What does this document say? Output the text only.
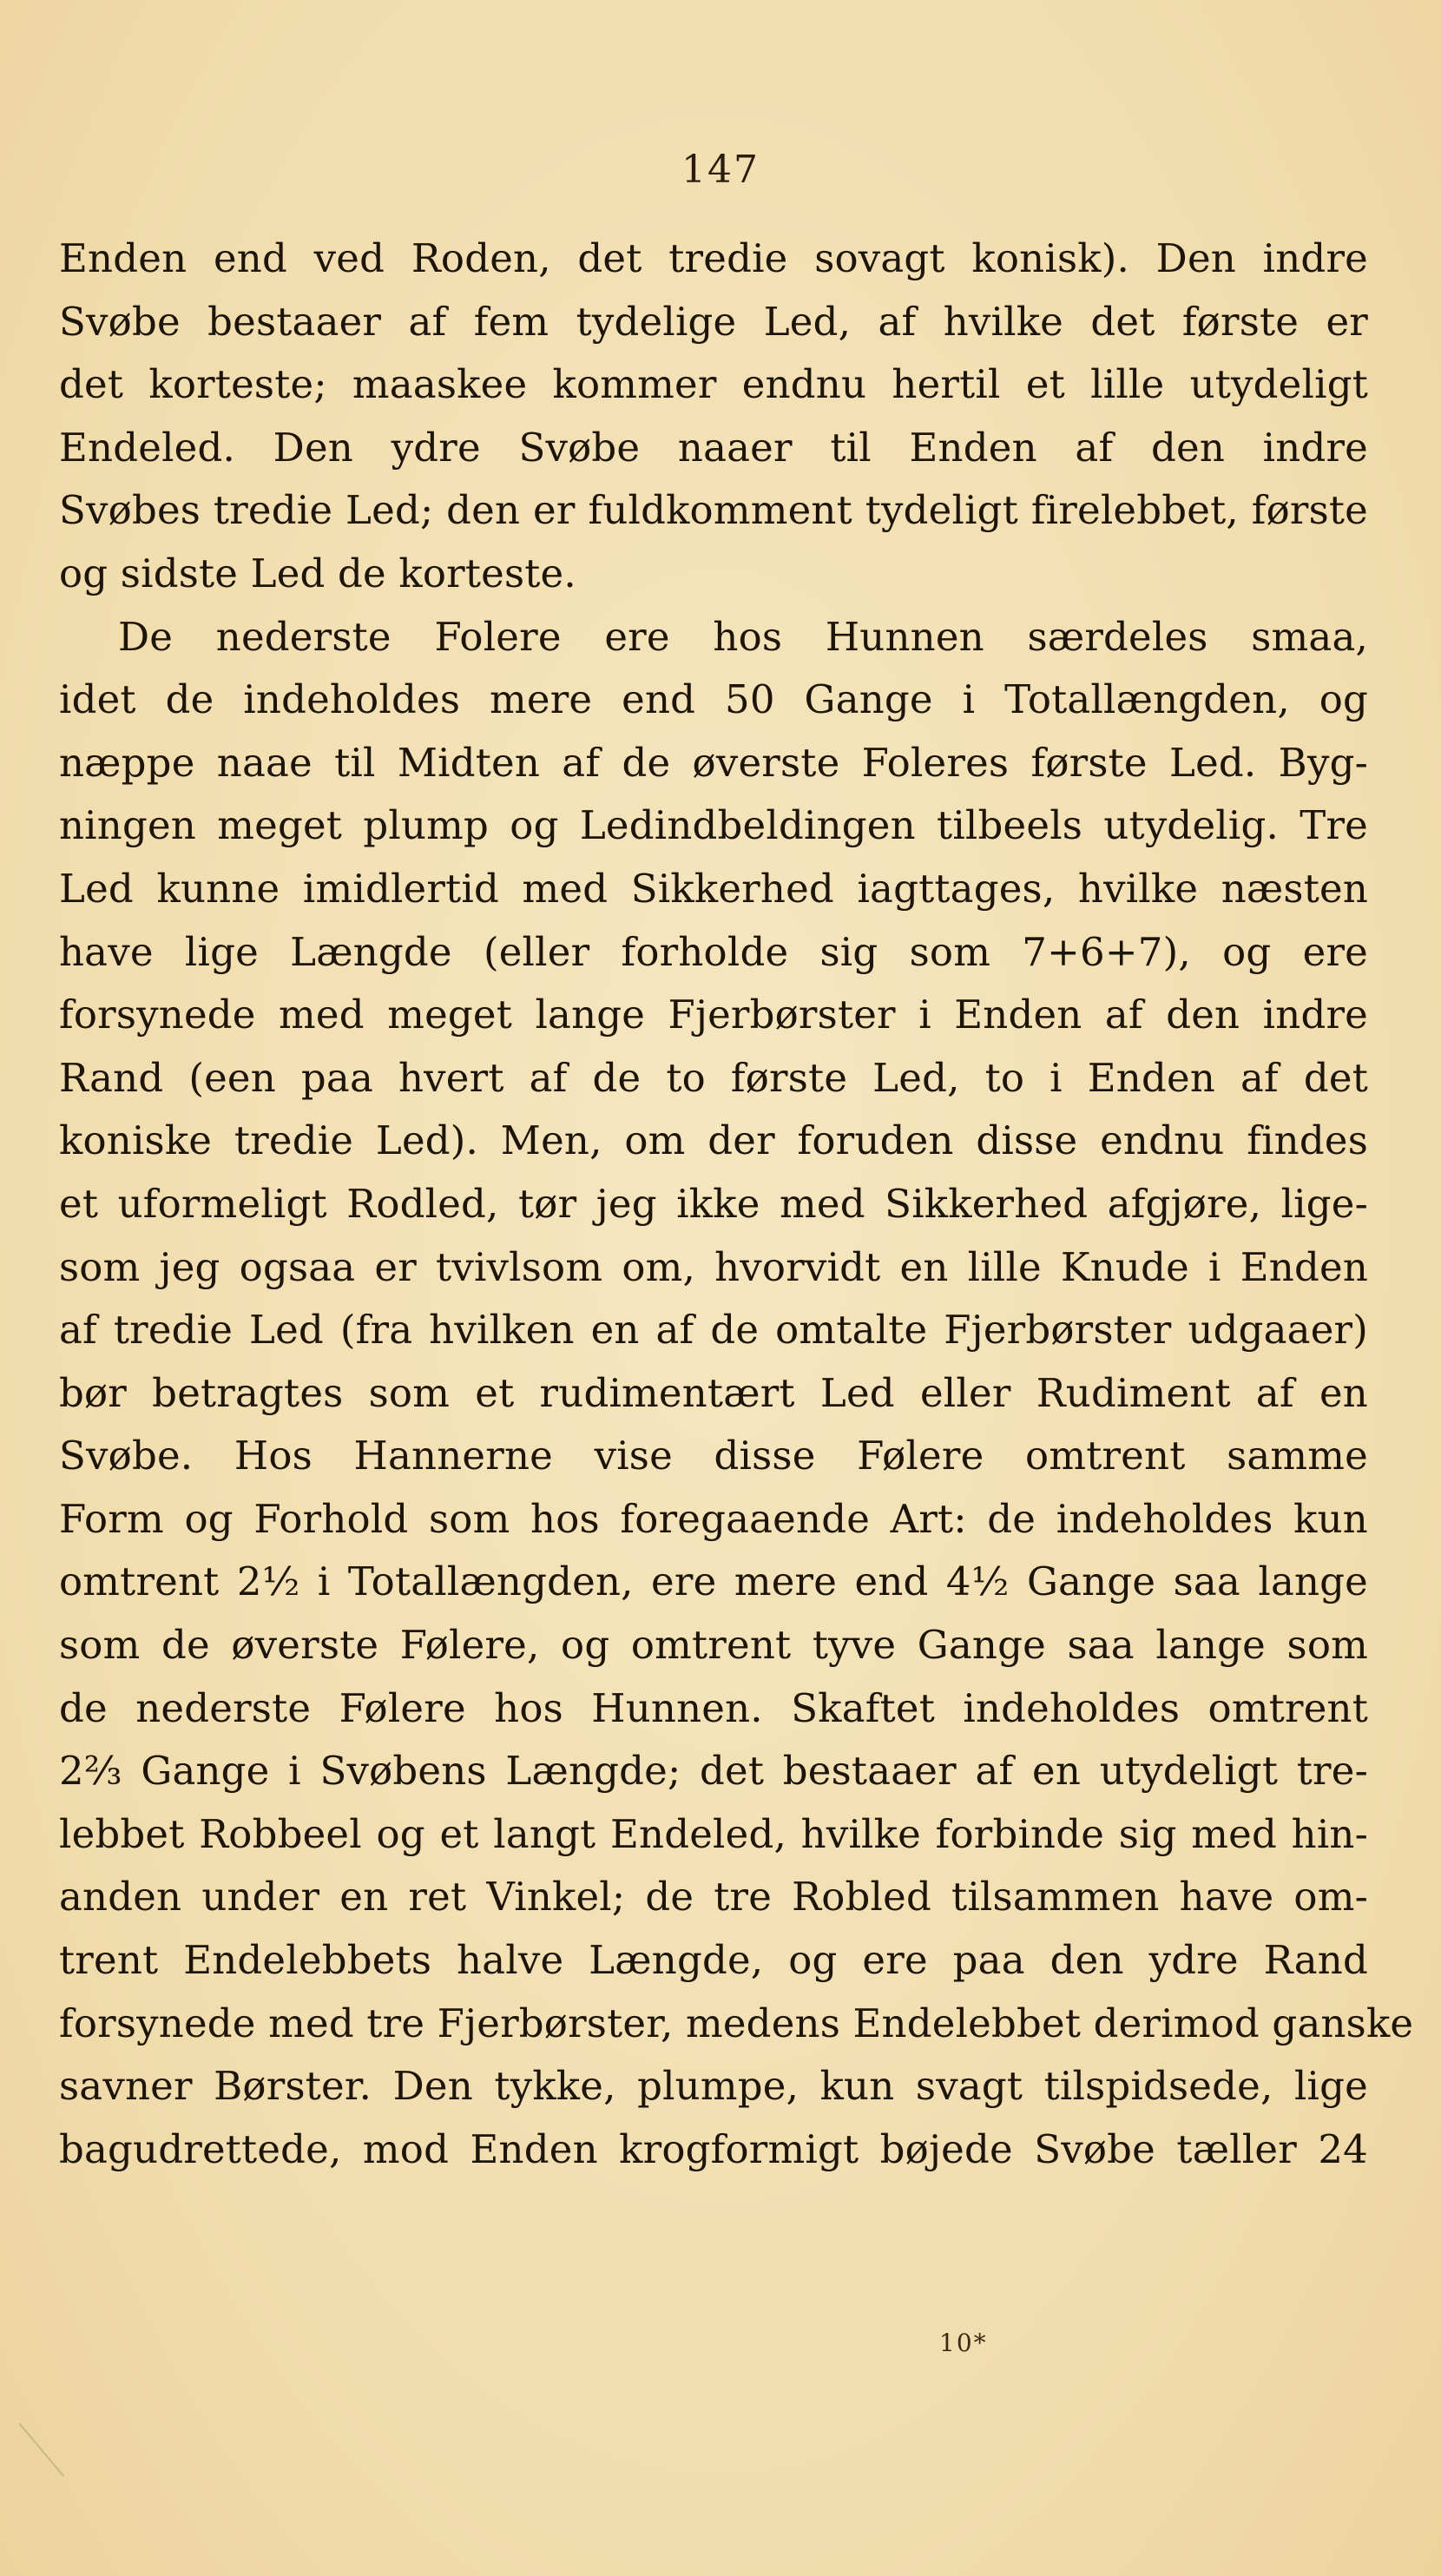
147
Enden end ved Roden, det tredie sovagt konisk). Den indre
Svøbe bestaaer af fem tydelige Led, af hvilke det første er
det korteste; maaskee kommer endnu hertil et lille utydeligt
Endeled. Den ydre Svøbe naaer til Enden af den indre
Svøbes tredie Led; den er fuldkomment tydeligt firelebbet, første
og sidste Led de korteste.
De nederste Folere ere hos Hunnen særdeles smaa,
idet de indeholdes mere end 50 Gange i Totallængden, og
næppe naae til Midten af de øverste Foleres første Led. Byg-
ningen meget plump og Ledindbeldingen tilbeels utydelig. Tre
Led kunne imidlertid med Sikkerhed iagttages, hvilke næsten
have lige Længde (eller forholde sig som 7+6+7), og ere
forsynede med meget lange Fjerbørster i Enden af den indre
Rand (een paa hvert af de to første Led, to i Enden af det
koniske tredie Led). Men, om der foruden disse endnu findes
et uformeligt Rodled, tør jeg ikke med Sikkerhed afgjøre, lige-
som jeg ogsaa er tvivlsom om, hvorvidt en lille Knude i Enden
af tredie Led (fra hvilken en af de omtalte Fjerbørster udgaaer)
bør betragtes som et rudimentært Led eller Rudiment af en
Svøbe. Hos Hannerne vise disse Følere omtrent samme
Form og Forhold som hos foregaaende Art: de indeholdes kun
omtrent 2½ i Totallængden, ere mere end 4½ Gange saa lange
som de øverste Følere, og omtrent tyve Gange saa lange som
de nederste Følere hos Hunnen. Skaftet indeholdes omtrent
2⅔ Gange i Svøbens Længde; det bestaaer af en utydeligt tre-
lebbet Robbeel og et langt Endeled, hvilke forbinde sig med hin-
anden under en ret Vinkel; de tre Robled tilsammen have om-
trent Endelebbets halve Længde, og ere paa den ydre Rand
forsynede med tre Fjerbørster, medens Endelebbet derimod ganske
savner Børster. Den tykke, plumpe, kun svagt tilspidsede, lige
bagudrettede, mod Enden krogformigt bøjede Svøbe tæller 24
10*
